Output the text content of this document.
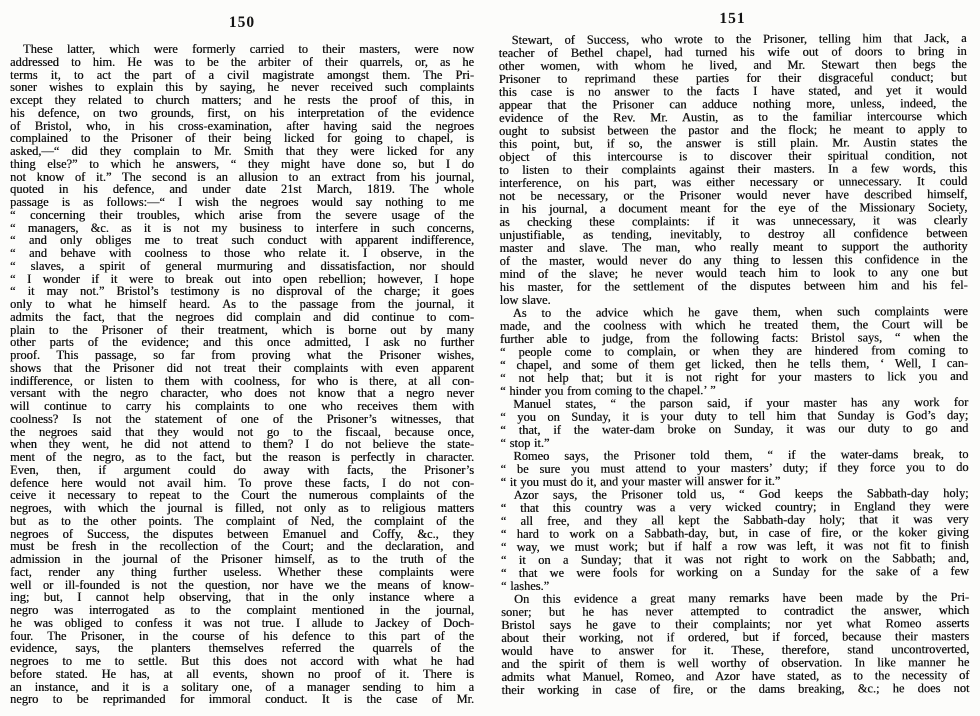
150
These latter, which were formerly carried to their masters, were now
addressed to him. He was to be the arbiter of their quarrels, or, as he
terms it, to act the part of a civil magistrate amongst them. The Pri-
soner wishes to explain this by saying, he never received such complaints
except they related to church matters; and he rests the proof of this, in
his defence, on two grounds, first, on his interpretation of the evidence
of Bristol, who, in his cross-examination, after having said the negroes
complained to the Prisoner of their being licked for going to chapel, is
asked,—“ did they complain to Mr. Smith that they were licked for any
thing else?” to which he answers, “ they might have done so, but I do
not know of it.” The second is an allusion to an extract from his journal,
quoted in his defence, and under date 21st March, 1819. The whole
passage is as follows:—“ I wish the negroes would say nothing to me
“ concerning their troubles, which arise from the severe usage of the
“ managers, &c. as it is not my business to interfere in such concerns,
“ and only obliges me to treat such conduct with apparent indifference,
“ and behave with coolness to those who relate it. I observe, in the
“ slaves, a spirit of general murmuring and dissatisfaction, nor should
“ I wonder if it were to break out into open rebellion; however, I hope
“ it may not.” Bristol’s testimony is no disproval of the charge; it goes
only to what he himself heard. As to the passage from the journal, it
admits the fact, that the negroes did complain and did continue to com-
plain to the Prisoner of their treatment, which is borne out by many
other parts of the evidence; and this once admitted, I ask no further
proof. This passage, so far from proving what the Prisoner wishes,
shows that the Prisoner did not treat their complaints with even apparent
indifference, or listen to them with coolness, for who is there, at all con-
versant with the negro character, who does not know that a negro never
will continue to carry his complaints to one who receives them with
coolness? Is not the statement of one of the Prisoner’s witnesses, that
the negroes said that they would not go to the fiscaal, because once,
when they went, he did not attend to them? I do not believe the state-
ment of the negro, as to the fact, but the reason is perfectly in character.
Even, then, if argument could do away with facts, the Prisoner’s
defence here would not avail him. To prove these facts, I do not con-
ceive it necessary to repeat to the Court the numerous complaints of the
negroes, with which the journal is filled, not only as to religious matters
but as to the other points. The complaint of Ned, the complaint of the
negroes of Success, the disputes between Emanuel and Coffy, &c., they
must be fresh in the recollection of the Court; and the declaration, and
admission in the journal of the Prisoner himself, as to the truth of the
fact, render any thing further useless. Whether these complaints were
well or ill-founded is not the question, nor have we the means of know-
ing; but, I cannot help observing, that in the only instance where a
negro was interrogated as to the complaint mentioned in the journal,
he was obliged to confess it was not true. I allude to Jackey of Doch-
four. The Prisoner, in the course of his defence to this part of the
evidence, says, the planters themselves referred the quarrels of the
negroes to me to settle. But this does not accord with what he had
before stated. He has, at all events, shown no proof of it. There is
an instance, and it is a solitary one, of a manager sending to him a
negro to be reprimanded for immoral conduct. It is the case of Mr.
151
Stewart, of Success, who wrote to the Prisoner, telling him that Jack, a
teacher of Bethel chapel, had turned his wife out of doors to bring in
other women, with whom he lived, and Mr. Stewart then begs the
Prisoner to reprimand these parties for their disgraceful conduct; but
this case is no answer to the facts I have stated, and yet it would
appear that the Prisoner can adduce nothing more, unless, indeed, the
evidence of the Rev. Mr. Austin, as to the familiar intercourse which
ought to subsist between the pastor and the flock; he meant to apply to
this point, but, if so, the answer is still plain. Mr. Austin states the
object of this intercourse is to discover their spiritual condition, not
to listen to their complaints against their masters. In a few words, this
interference, on his part, was either necessary or unnecessary. It could
not be necessary, or the Prisoner would never have described himself,
in his journal, a document meant for the eye of the Missionary Society,
as checking these complaints: if it was unnecessary, it was clearly
unjustifiable, as tending, inevitably, to destroy all confidence between
master and slave. The man, who really meant to support the authority
of the master, would never do any thing to lessen this confidence in the
mind of the slave; he never would teach him to look to any one but
his master, for the settlement of the disputes between him and his fel-
low slave.
As to the advice which he gave them, when such complaints were
made, and the coolness with which he treated them, the Court will be
further able to judge, from the following facts: Bristol says, “ when the
“ people come to complain, or when they are hindered from coming to
“ chapel, and some of them get licked, then he tells them, ‘ Well, I can-
“ not help that; but it is not right for your masters to lick you and
“ hinder you from coming to the chapel.’ ”
Manuel states, “ the parson said, if your master has any work for
“ you on Sunday, it is your duty to tell him that Sunday is God’s day;
“ that, if the water-dam broke on Sunday, it was our duty to go and
“ stop it.”
Romeo says, the Prisoner told them, “ if the water-dams break, to
“ be sure you must attend to your masters’ duty; if they force you to do
“ it you must do it, and your master will answer for it.”
Azor says, the Prisoner told us, “ God keeps the Sabbath-day holy;
“ that this country was a very wicked country; in England they were
“ all free, and they all kept the Sabbath-day holy; that it was very
“ hard to work on a Sabbath-day, but, in case of fire, or the koker giving
“ way, we must work; but if half a row was left, it was not fit to finish
“ it on a Sunday; that it was not right to work on the Sabbath; and,
“ that we were fools for working on a Sunday for the sake of a few
“ lashes.”
On this evidence a great many remarks have been made by the Pri-
soner; but he has never attempted to contradict the answer, which
Bristol says he gave to their complaints; nor yet what Romeo asserts
about their working, not if ordered, but if forced, because their masters
would have to answer for it. These, therefore, stand uncontroverted,
and the spirit of them is well worthy of observation. In like manner he
admits what Manuel, Romeo, and Azor have stated, as to the necessity of
their working in case of fire, or the dams breaking, &c.; he does not
